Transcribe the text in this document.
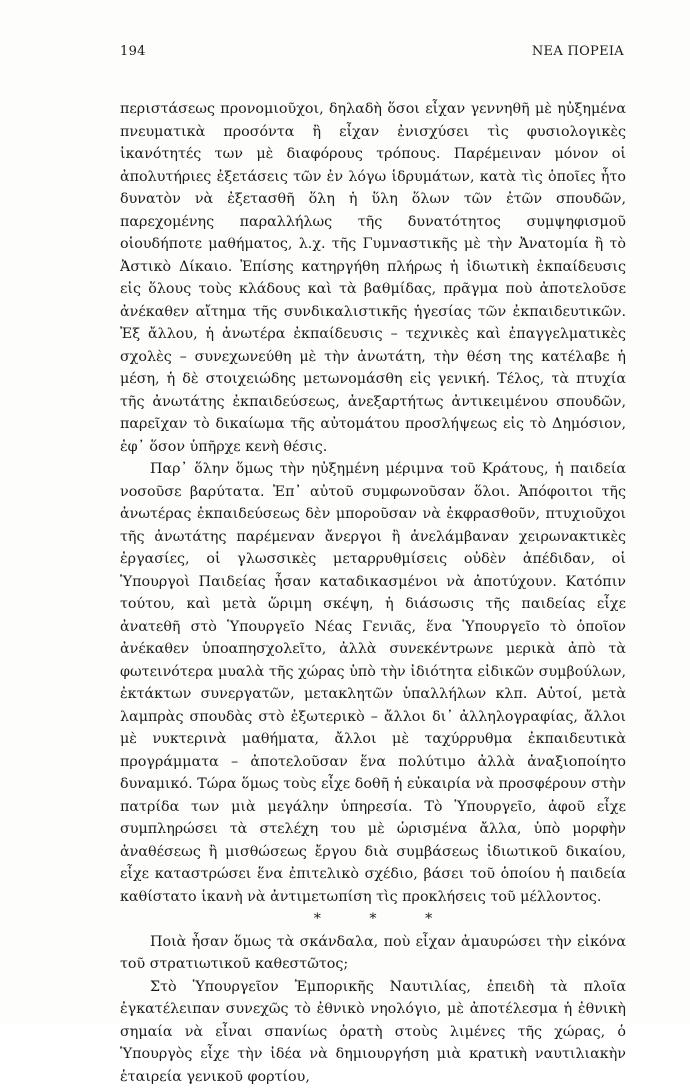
194	ΝΕΑ ΠΟΡΕΙΑ

περιστάσεως προνομιοῦχοι, δηλαδὴ ὅσοι εἶχαν γεννηθῆ μὲ ηὐξημένα πνευματικὰ προσόντα ἢ εἶχαν ἐνισχύσει τὶς φυσιολογικὲς ἱκανότητές των μὲ διαφόρους τρόπους. Παρέμειναν μόνον οἱ ἀπολυτήριες ἐξετάσεις τῶν ἐν λόγω ἱδρυμάτων, κατὰ τὶς ὁποῖες ἦτο δυνατὸν νὰ ἐξετασθῆ ὅλη ἡ ὕλη ὅλων τῶν ἐτῶν σπουδῶν, παρεχομένης παραλλήλως τῆς δυνατότητος συμψηφισμοῦ οἱουδήποτε μαθήματος, λ.χ. τῆς Γυμναστικῆς μὲ τὴν Ἀνατομία ἢ τὸ Ἀστικὸ Δίκαιο. Ἐπίσης κατηργήθη πλήρως ἡ ἰδιωτικὴ ἐκπαίδευσις εἰς ὅλους τοὺς κλάδους καὶ τὰ βαθμίδας, πρᾶγμα ποὺ ἀποτελοῦσε ἀνέκαθεν αἴτημα τῆς συνδικαλιστικῆς ἡγεσίας τῶν ἐκπαιδευτικῶν. Ἐξ ἄλλου, ἡ ἀνωτέρα ἐκπαίδευσις – τεχνικὲς καὶ ἐπαγγελματικὲς σχολὲς – συνεχωνεύθη μὲ τὴν ἀνωτάτη, τὴν θέση της κατέλαβε ἡ μέση, ἡ δὲ στοιχειώδης μετωνομάσθη εἰς γενική. Τέλος, τὰ πτυχία τῆς ἀνωτάτης ἐκπαιδεύσεως, ἀνεξαρτήτως ἀντικειμένου σπουδῶν, παρεῖχαν τὸ δικαίωμα τῆς αὐτομάτου προσλήψεως εἰς τὸ Δημόσιον, ἐφ᾽ ὅσον ὑπῆρχε κενὴ θέσις.

Παρ᾽ ὅλην ὅμως τὴν ηὐξημένη μέριμνα τοῦ Κράτους, ἡ παιδεία νοσοῦσε βαρύτατα. Ἐπ᾽ αὐτοῦ συμφωνοῦσαν ὅλοι. Ἀπόφοιτοι τῆς ἀνωτέρας ἐκπαιδεύσεως δὲν μποροῦσαν νὰ ἐκφρασθοῦν, πτυχιοῦχοι τῆς ἀνωτάτης παρέμεναν ἄνεργοι ἢ ἀνελάμβαναν χειρωνακτικὲς ἐργασίες, οἱ γλωσσικὲς μεταρρυθμίσεις οὐδὲν ἀπέδιδαν, οἱ Ὑπουργοὶ Παιδείας ἦσαν καταδικασμένοι νὰ ἀποτύχουν. Κατόπιν τούτου, καὶ μετὰ ὥριμη σκέψη, ἡ διάσωσις τῆς παιδείας εἶχε ἀνατεθῆ στὸ Ὑπουργεῖο Νέας Γενιᾶς, ἕνα Ὑπουργεῖο τὸ ὁποῖον ἀνέκαθεν ὑποαπησχολεῖτο, ἀλλὰ συνεκέντρωνε μερικὰ ἀπὸ τὰ φωτεινότερα μυαλὰ τῆς χώρας ὑπὸ τὴν ἰδιότητα εἰδικῶν συμβούλων, ἐκτάκτων συνεργατῶν, μετακλητῶν ὑπαλλήλων κλπ. Αὐτοί, μετὰ λαμπρὰς σπουδὰς στὸ ἐξωτερικὸ – ἄλλοι δι᾽ ἀλληλογραφίας, ἄλλοι μὲ νυκτερινὰ μαθήματα, ἄλλοι μὲ ταχύρρυθμα ἐκπαιδευτικὰ προγράμματα – ἀποτελοῦσαν ἕνα πολύτιμο ἀλλὰ ἀναξιοποίητο δυναμικό. Τώρα ὅμως τοὺς εἶχε δοθῆ ἡ εὐκαιρία νὰ προσφέρουν στὴν πατρίδα των μιὰ μεγάλην ὑπηρεσία. Τὸ Ὑπουργεῖο, ἀφοῦ εἶχε συμπληρώσει τὰ στελέχη του μὲ ὡρισμένα ἄλλα, ὑπὸ μορφὴν ἀναθέσεως ἢ μισθώσεως ἔργου διὰ συμβάσεως ἰδιωτικοῦ δικαίου, εἶχε καταστρώσει ἕνα ἐπιτελικὸ σχέδιο, βάσει τοῦ ὁποίου ἡ παιδεία καθίστατο ἱκανὴ νὰ ἀντιμετωπίση τὶς προκλήσεις τοῦ μέλλοντος.

* * *

Ποιὰ ἦσαν ὅμως τὰ σκάνδαλα, ποὺ εἶχαν ἀμαυρώσει τὴν εἰκόνα τοῦ στρατιωτικοῦ καθεστῶτος;

Στὸ Ὑπουργεῖον Ἐμπορικῆς Ναυτιλίας, ἐπειδὴ τὰ πλοῖα ἐγκατέλειπαν συνεχῶς τὸ ἐθνικὸ νηολόγιο, μὲ ἀποτέλεσμα ἡ ἐθνικὴ σημαία νὰ εἶναι σπανίως ὁρατὴ στοὺς λιμένες τῆς χώρας, ὁ Ὑπουργὸς εἶχε τὴν ἰδέα νὰ δημιουργήση μιὰ κρατικὴ ναυτιλιακὴν ἑταιρεία γενικοῦ φορτίου,
